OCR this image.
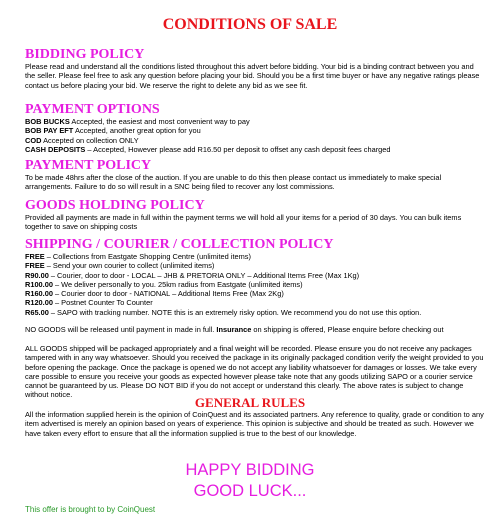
CONDITIONS OF SALE
BIDDING POLICY

Please read and understand all the conditions listed throughout this advert before bidding. Your bid is a binding contract between you and the seller. Please feel free to ask any question before placing your bid. Should you be a first time buyer or have any negative ratings please contact us before placing your bid. We reserve the right to delete any bid as we see fit.

PAYMENT OPTIONS
BOB BUCKS Accepted, the easiest and most convenient way to pay
BOB PAY EFT Accepted, another great option for you
COD Accepted on collection ONLY
CASH DEPOSITS – Accepted, However please add R16.50 per deposit to offset any cash deposit fees charged
PAYMENT POLICY

To be made 48hrs after the close of the auction. If you are unable to do this then please contact us immediately to make special arrangements. Failure to do so will result in a SNC being filed to recover any lost commissions.

GOODS HOLDING POLICY

Provided all payments are made in full within the payment terms we will hold all your items for a period of 30 days. You can bulk items together to save on shipping costs

SHIPPING / COURIER / COLLECTION POLICY
FREE – Collections from Eastgate Shopping Centre (unlimited items)
FREE – Send your own courier to collect (unlimited items)
R90.00 – Courier, door to door - LOCAL – JHB & PRETORIA ONLY – Additional Items Free (Max 1Kg)
R100.00 – We deliver personally to you. 25km radius from Eastgate (unlimited items)
R160.00 – Courier door to door - NATIONAL – Additional Items Free (Max 2Kg)
R120.00 – Postnet Counter To Counter
R65.00 – SAPO with tracking number. NOTE this is an extremely risky option. We recommend you do not use this option.

NO GOODS will be released until payment in made in full. Insurance on shipping is offered, Please enquire before checking out

ALL GOODS shipped will be packaged appropriately and a final weight will be recorded. Please ensure you do not receive any packages tampered with in any way whatsoever. Should you received the package in its originally packaged condition verify the weight provided to you before opening the package. Once the package is opened we do not accept any liability whatsoever for damages or losses. We take every care possible to ensure you receive your goods as expected however please take note that any goods utilizing SAPO or a courier service cannot be guaranteed by us. Please DO NOT BID if you do not accept or understand this clearly. The above rates is subject to change without notice.

GENERAL RULES

All the information supplied herein is the opinion of CoinQuest and its associated partners. Any reference to quality, grade or condition to any item advertised is merely an opinion based on years of experience. This opinion is subjective and should be treated as such. However we have taken every effort to ensure that all the information supplied is true to the best of our knowledge.

HAPPY BIDDING
GOOD LUCK...
This offer is brought to by CoinQuest
